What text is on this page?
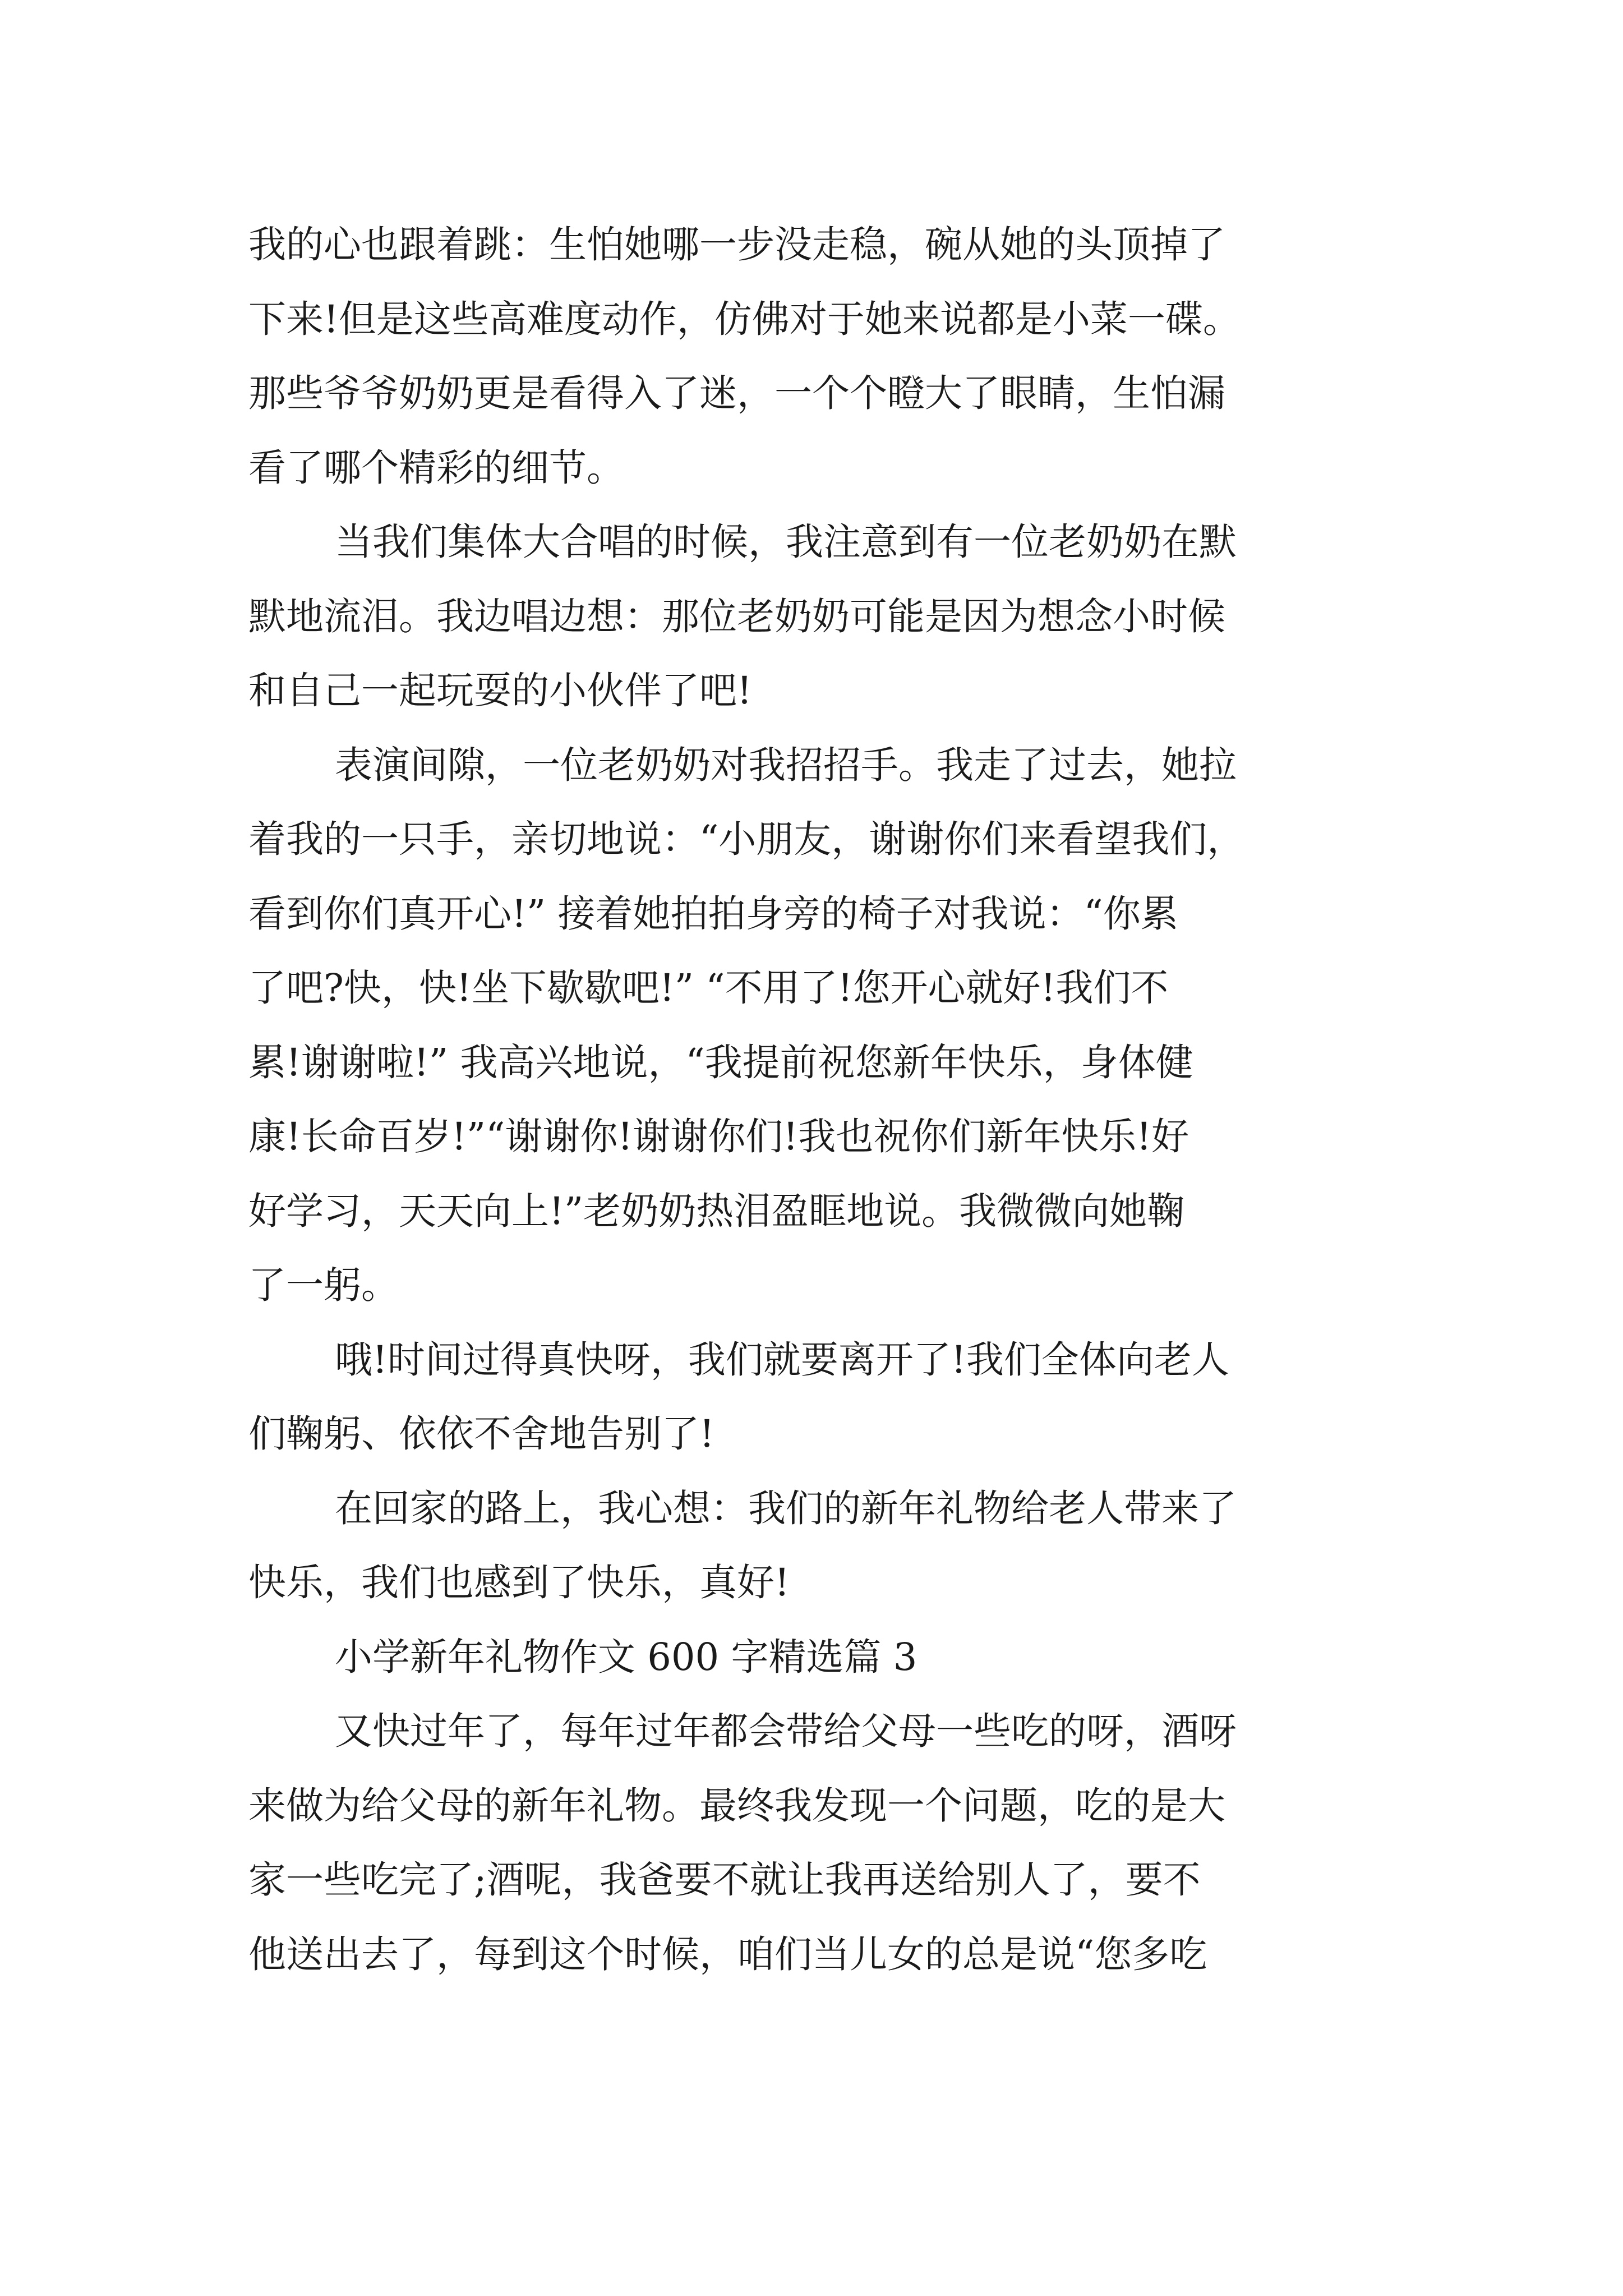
我的心也跟着跳：生怕她哪一步没走稳，碗从她的头顶掉了
下来!但是这些高难度动作，仿佛对于她来说都是小菜一碟。
那些爷爷奶奶更是看得入了迷，一个个瞪大了眼睛，生怕漏
看了哪个精彩的细节。
当我们集体大合唱的时候，我注意到有一位老奶奶在默
默地流泪。我边唱边想：那位老奶奶可能是因为想念小时候
和自己一起玩耍的小伙伴了吧!
表演间隙，一位老奶奶对我招招手。我走了过去，她拉
着我的一只手，亲切地说：“小朋友，谢谢你们来看望我们，
看到你们真开心!” 接着她拍拍身旁的椅子对我说：“你累
了吧?快，快!坐下歇歇吧!” “不用了!您开心就好!我们不
累!谢谢啦!” 我高兴地说，“我提前祝您新年快乐，身体健
康!长命百岁!”“谢谢你!谢谢你们!我也祝你们新年快乐!好
好学习，天天向上!”老奶奶热泪盈眶地说。我微微向她鞠
了一躬。
哦!时间过得真快呀，我们就要离开了!我们全体向老人
们鞠躬、依依不舍地告别了!
在回家的路上，我心想：我们的新年礼物给老人带来了
快乐，我们也感到了快乐，真好!
小学新年礼物作文 600 字精选篇 3
又快过年了，每年过年都会带给父母一些吃的呀，酒呀
来做为给父母的新年礼物。最终我发现一个问题，吃的是大
家一些吃完了;酒呢，我爸要不就让我再送给别人了，要不
他送出去了，每到这个时候，咱们当儿女的总是说“您多吃
